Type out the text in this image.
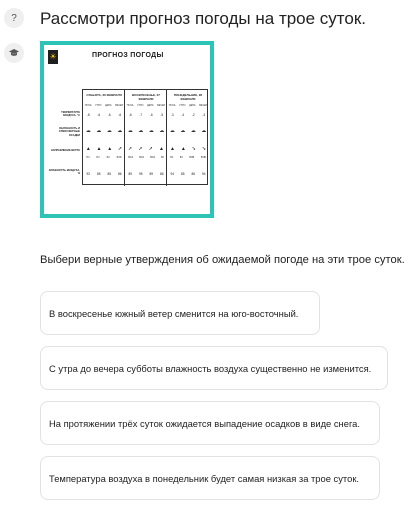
?	Рассмотри прогноз погоды на трое суток.
☀	ПРОГНОЗ ПОГОДЫ
ТЕМПЕРАТУРА ВОЗДУХА, °С
ОБЛАЧНОСТЬ И АТМОСФЕРНЫЕ ОСАДКИ
НАПРАВЛЕНИЕ ВЕТРА
ВЛАЖНОСТЬ ВОЗДУХА, %
СУББОТА, 26 ФЕВРАЛЯ
НОЧЬ УТРО ДЕНЬ ВЕЧЕР
-8 -6 -6 -6
☁ ☁ ☁ ☁
▲ ▲ ▲ ➚
Ю Ю Ю ЮЗ
92 85 85 86
ВОСКРЕСЕНЬЕ, 27 ФЕВРАЛЯ
НОЧЬ УТРО ДЕНЬ ВЕЧЕР
-6 -7 -6 -5
☁ ☁ ☁ ☁
➚ ➚ ➚ ▲
ЮЗ ЮЗ ЮЗ Ю
89 95 89 86
ПОНЕДЕЛЬНИК, 28 ФЕВРАЛЯ
НОЧЬ УТРО ДЕНЬ ВЕЧЕР
-3 -4 -2 -3
☁ ☁ ☁ ☁
▲ ▲ ➘ ➘
Ю Ю ЮВ ЮВ
94 85 86 94
Выбери верные утверждения об ожидаемой погоде на эти трое суток.
В воскресенье южный ветер сменится на юго-восточный.
С утра до вечера субботы влажность воздуха существенно не изменится.
На протяжении трёх суток ожидается выпадение осадков в виде снега.
Температура воздуха в понедельник будет самая низкая за трое суток.
